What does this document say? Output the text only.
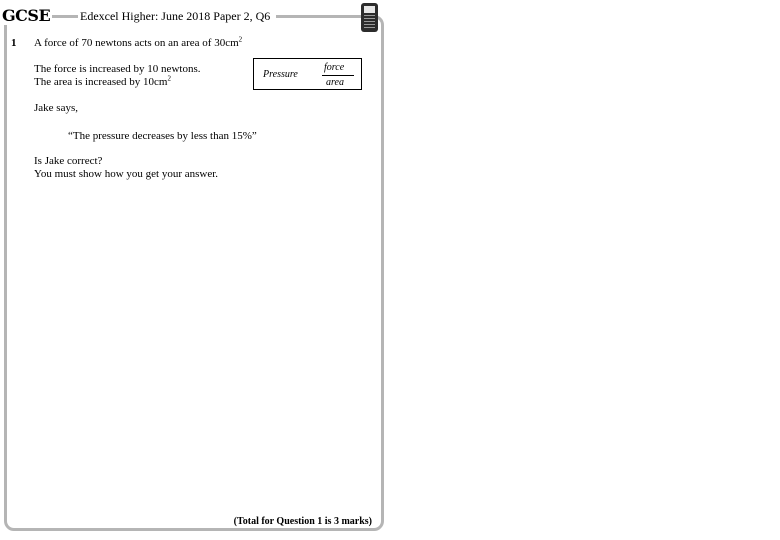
GCSE	Edexcel Higher: June 2018 Paper 2, Q6
1 A force of 70 newtons acts on an area of $30cm^2$
The force is increased by 10 newtons.
The area is increased by $10cm^2$
Jake says,
“The pressure decreases by less than 15%”
Is Jake correct?
You must show how you get your answer.
Pressure
force
area
(Total for Question 1 is 3 marks)
